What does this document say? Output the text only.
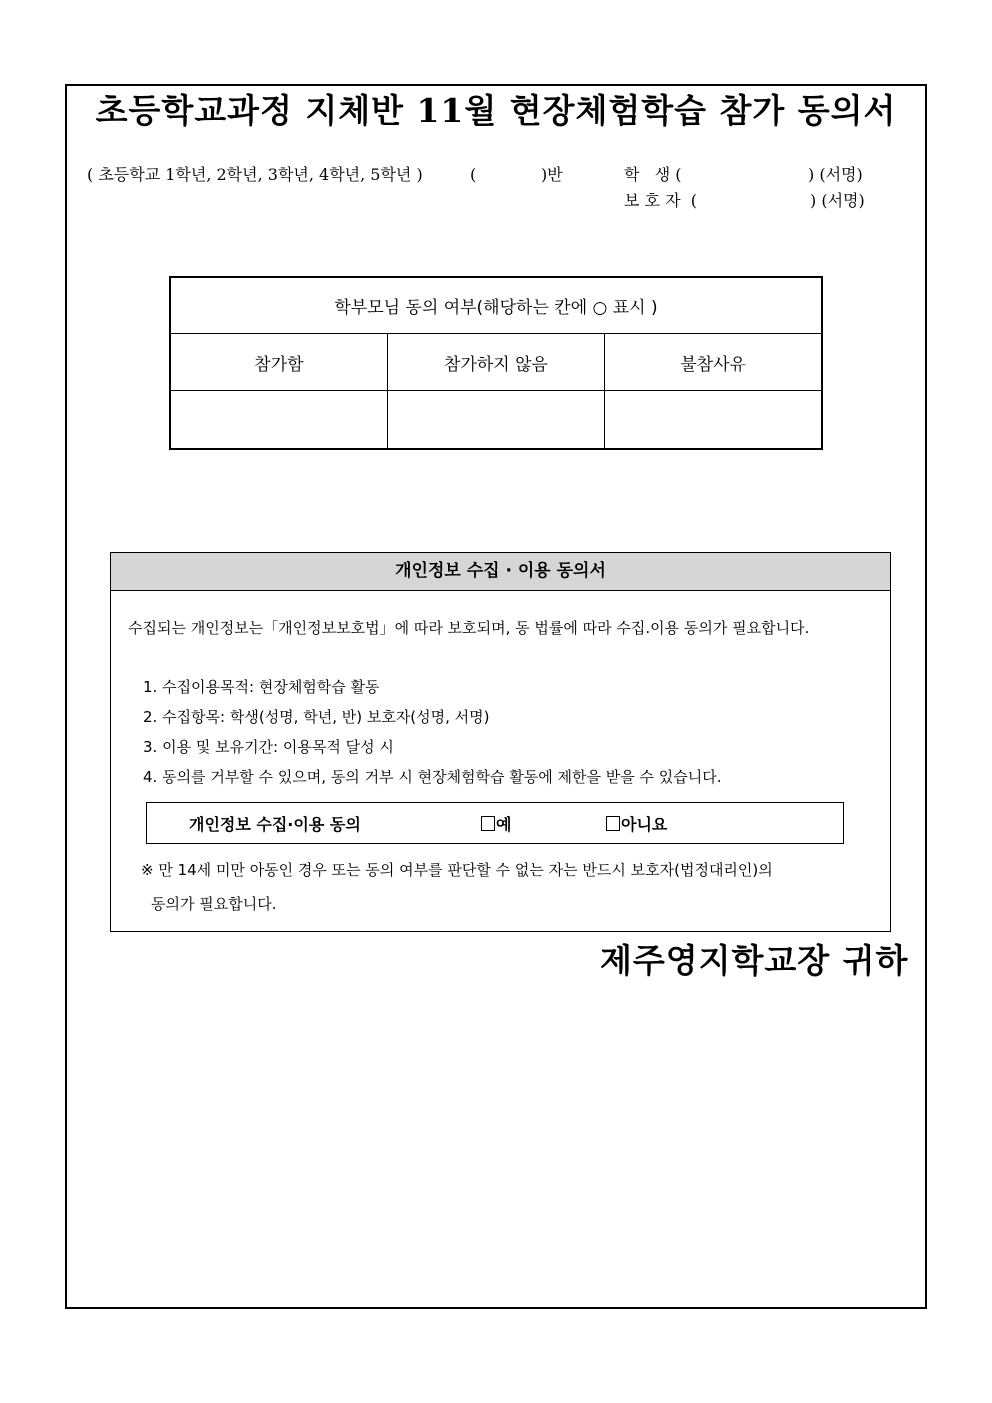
초등학교과정 지체반 11월 현장체험학습 참가 동의서
( 초등학교 1학년, 2학년, 3학년, 4학년, 5학년 )	(	)반	학   생 (	) (서명)
보 호 자  (	) (서명)
학부모님 동의 여부(해당하는 칸에 ○ 표시 )		
참가함	참가하지 않음	불참사유

개인정보 수집 · 이용 동의서
수집되는 개인정보는「개인정보보호법」에 따라 보호되며, 동 법률에 따라 수집.이용 동의가 필요합니다.
1. 수집이용목적: 현장체험학습 활동
2. 수집항목: 학생(성명, 학년, 반) 보호자(성명, 서명)
3. 이용 및 보유기간: 이용목적 달성 시
4. 동의를 거부할 수 있으며, 동의 거부 시 현장체험학습 활동에 제한을 받을 수 있습니다.
개인정보 수집·이용 동의	예	아니요
※ 만 14세 미만 아동인 경우 또는 동의 여부를 판단할 수 없는 자는 반드시 보호자(법정대리인)의
동의가 필요합니다.
제주영지학교장 귀하
